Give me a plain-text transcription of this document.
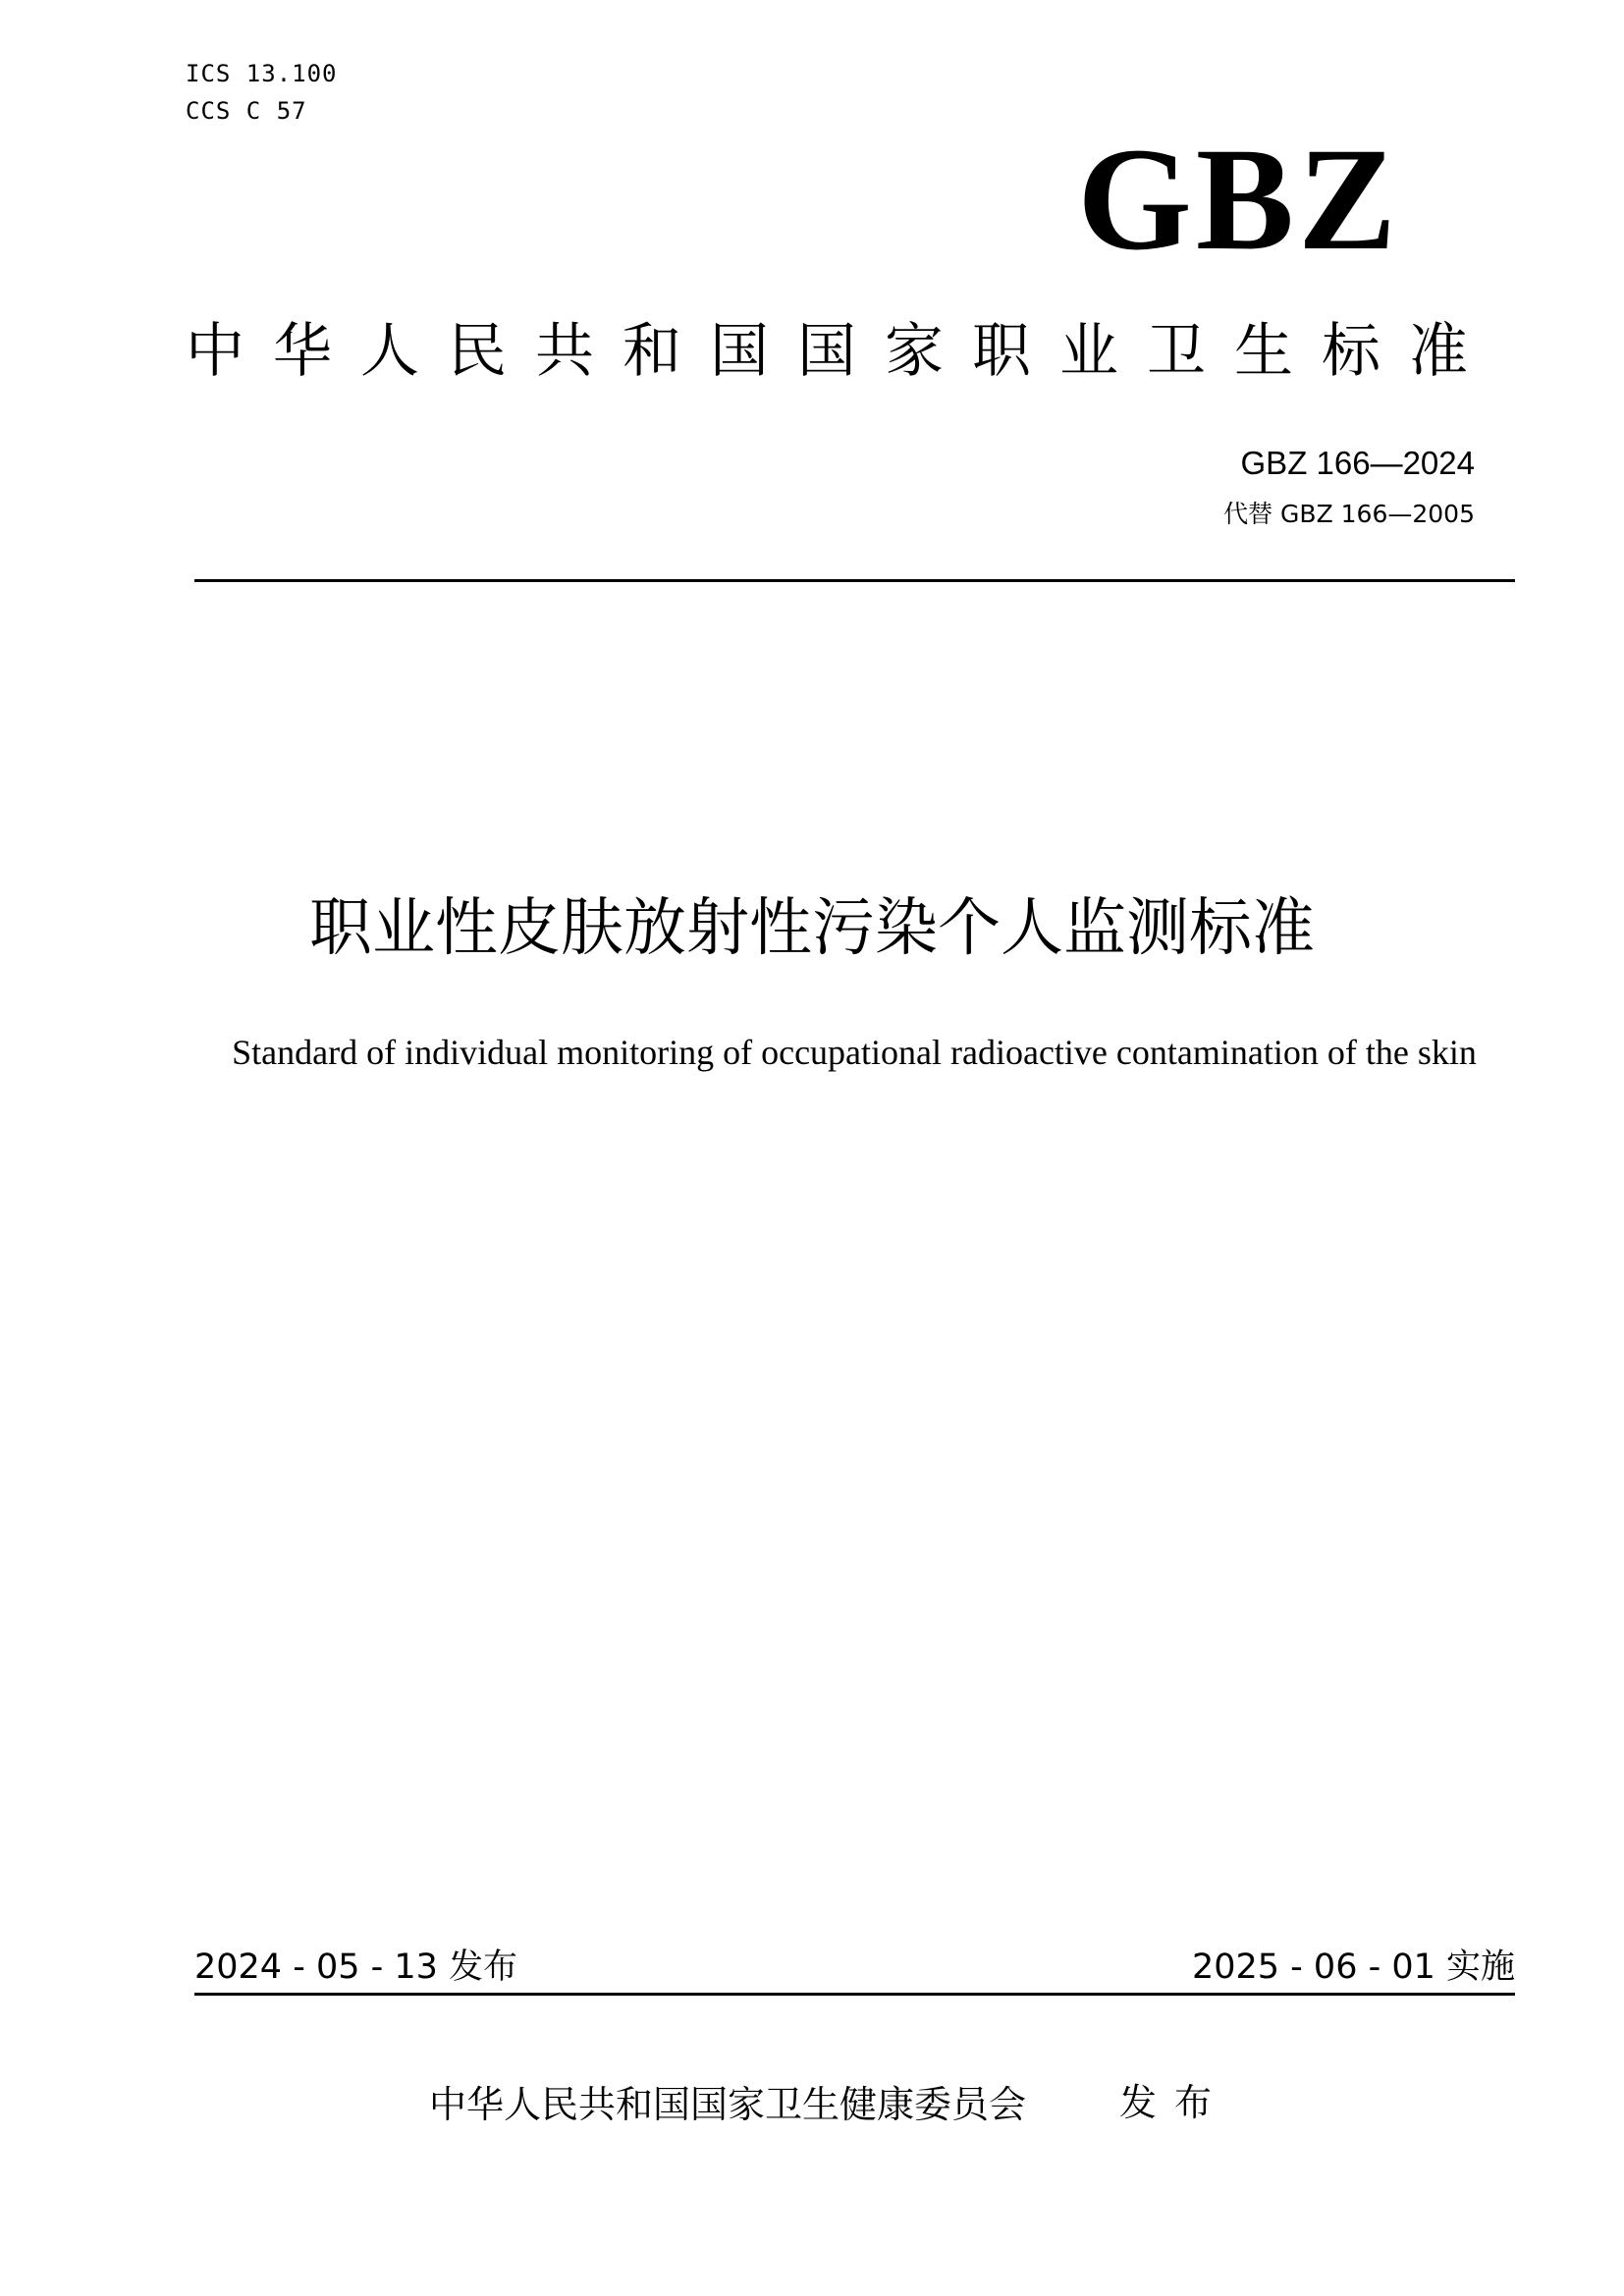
ICS 13.100
CCS C 57
GBZ
中华人民共和国国家职业卫生标准
GBZ 166—2024
代替 GBZ 166—2005
职业性皮肤放射性污染个人监测标准
Standard of individual monitoring of occupational radioactive contamination of the skin
2024 - 05 - 13 发布	2025 - 06 - 01 实施
中华人民共和国国家卫生健康委员会 发布
